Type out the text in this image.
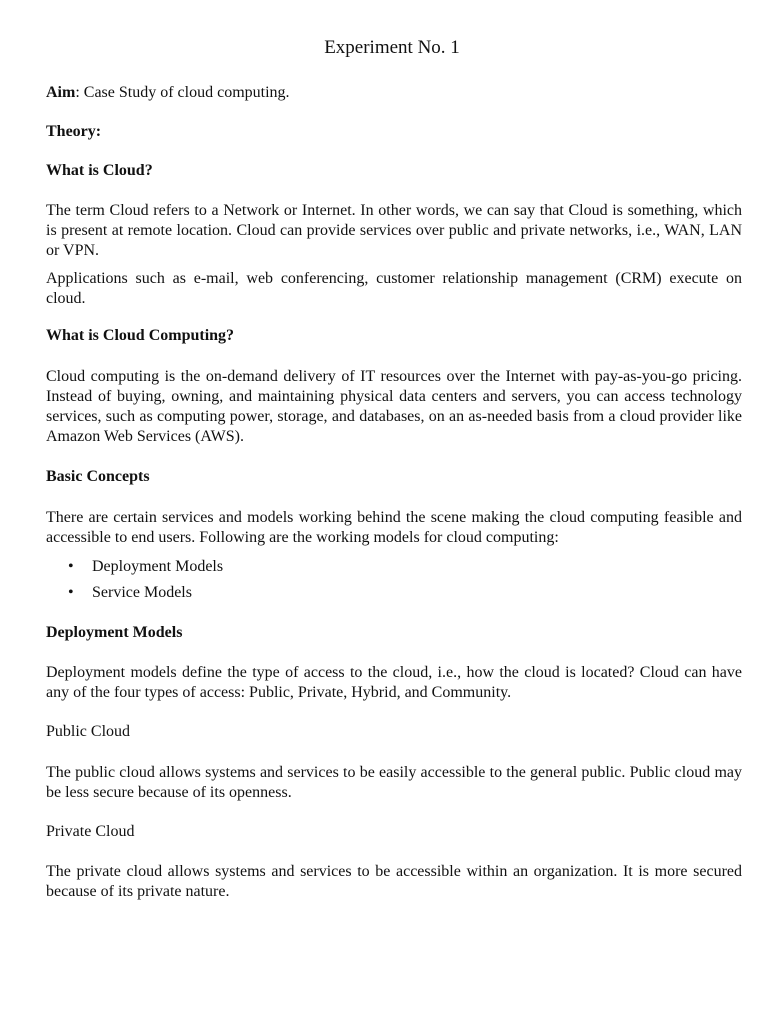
Experiment No. 1
Aim: Case Study of cloud computing.
Theory:
What is Cloud?
The term Cloud refers to a Network or Internet. In other words, we can say that Cloud is something, which is present at remote location. Cloud can provide services over public and private networks, i.e., WAN, LAN or VPN.
Applications such as e-mail, web conferencing, customer relationship management (CRM) execute on cloud.
What is Cloud Computing?
Cloud computing is the on-demand delivery of IT resources over the Internet with pay-as-you-go pricing. Instead of buying, owning, and maintaining physical data centers and servers, you can access technology services, such as computing power, storage, and databases, on an as-needed basis from a cloud provider like Amazon Web Services (AWS).
Basic Concepts
There are certain services and models working behind the scene making the cloud computing feasible and accessible to end users. Following are the working models for cloud computing:
• Deployment Models
• Service Models
Deployment Models
Deployment models define the type of access to the cloud, i.e., how the cloud is located? Cloud can have any of the four types of access: Public, Private, Hybrid, and Community.
Public Cloud
The public cloud allows systems and services to be easily accessible to the general public. Public cloud may be less secure because of its openness.
Private Cloud
The private cloud allows systems and services to be accessible within an organization. It is more secured because of its private nature.
